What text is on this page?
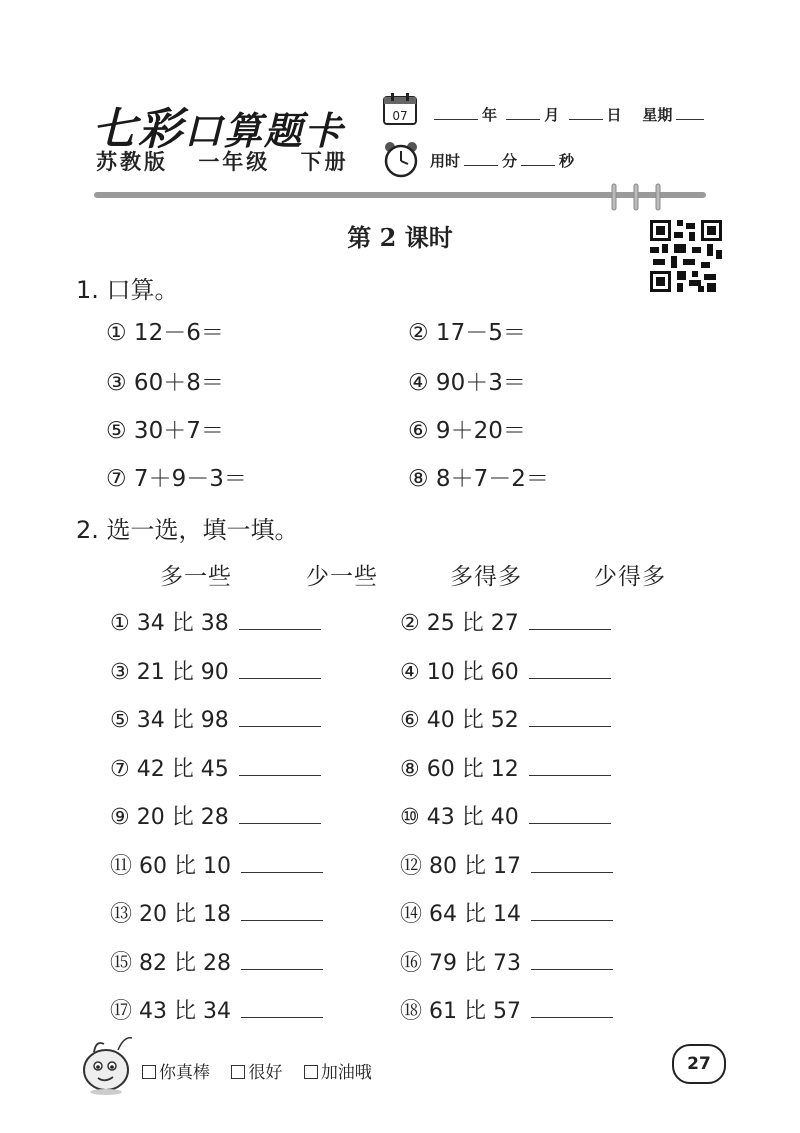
七彩口算题卡
苏教版 一年级 下册
07	年	月	日 星期
用时	分	秒
第 2 课时
1. 口算。
① 12－6＝	② 17－5＝
③ 60＋8＝	④ 90＋3＝
⑤ 30＋7＝	⑥ 9＋20＝
⑦ 7＋9－3＝	⑧ 8＋7－2＝
2. 选一选，填一填。
多一些	少一些	多得多	少得多
① 34 比 38	② 25 比 27
③ 21 比 90	④ 10 比 60
⑤ 34 比 98	⑥ 40 比 52
⑦ 42 比 45	⑧ 60 比 12
⑨ 20 比 28	⑩ 43 比 40
⑪ 60 比 10	⑫ 80 比 17
⑬ 20 比 18	⑭ 64 比 14
⑮ 82 比 28	⑯ 79 比 73
⑰ 43 比 34	⑱ 61 比 57
你真棒 很好 加油哦	27
